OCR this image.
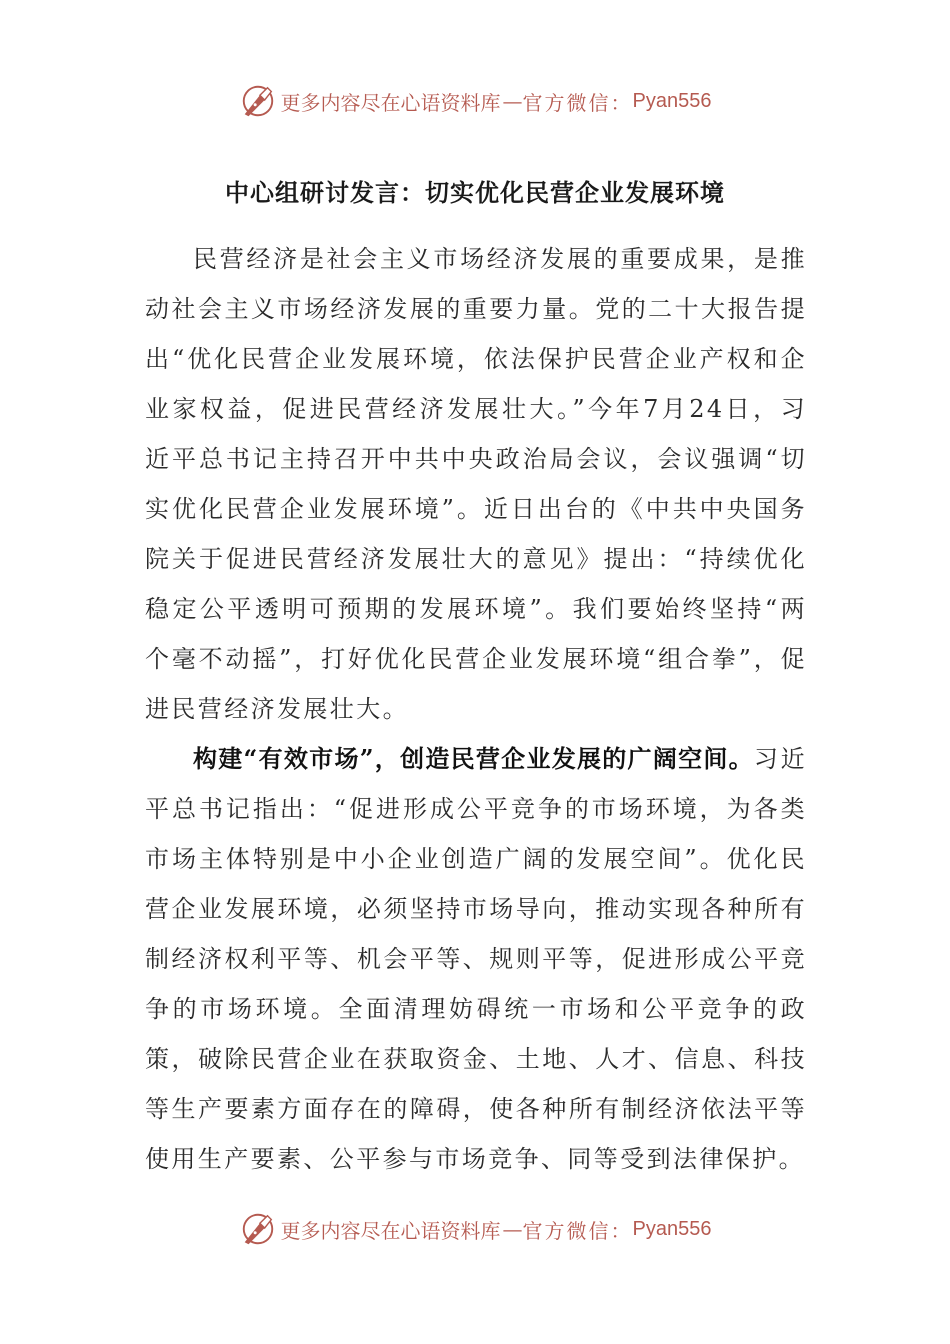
更多内容尽在心语资料库 — 官方微信： Pyan556
中心组研讨发言：切实优化民营企业发展环境

民营经济是社会主义市场经济发展的重要成果，是推动社会主义市场经济发展的重要力量。党的二十大报告提出“优化民营企业发展环境，依法保护民营企业产权和企业家权益，促进民营经济发展壮大。”今年7月24日，习近平总书记主持召开中共中央政治局会议，会议强调“切实优化民营企业发展环境”。近日出台的《中共中央国务院关于促进民营经济发展壮大的意见》提出：“持续优化稳定公平透明可预期的发展环境”。我们要始终坚持“两个毫不动摇”，打好优化民营企业发展环境“组合拳”，促进民营经济发展壮大。

构建“有效市场”，创造民营企业发展的广阔空间。习近平总书记指出：“促进形成公平竞争的市场环境，为各类市场主体特别是中小企业创造广阔的发展空间”。优化民营企业发展环境，必须坚持市场导向，推动实现各种所有制经济权利平等、机会平等、规则平等，促进形成公平竞争的市场环境。全面清理妨碍统一市场和公平竞争的政策，破除民营企业在获取资金、土地、人才、信息、科技等生产要素方面存在的障碍，使各种所有制经济依法平等使用生产要素、公平参与市场竞争、同等受到法律保护。

更多内容尽在心语资料库 — 官方微信： Pyan556
